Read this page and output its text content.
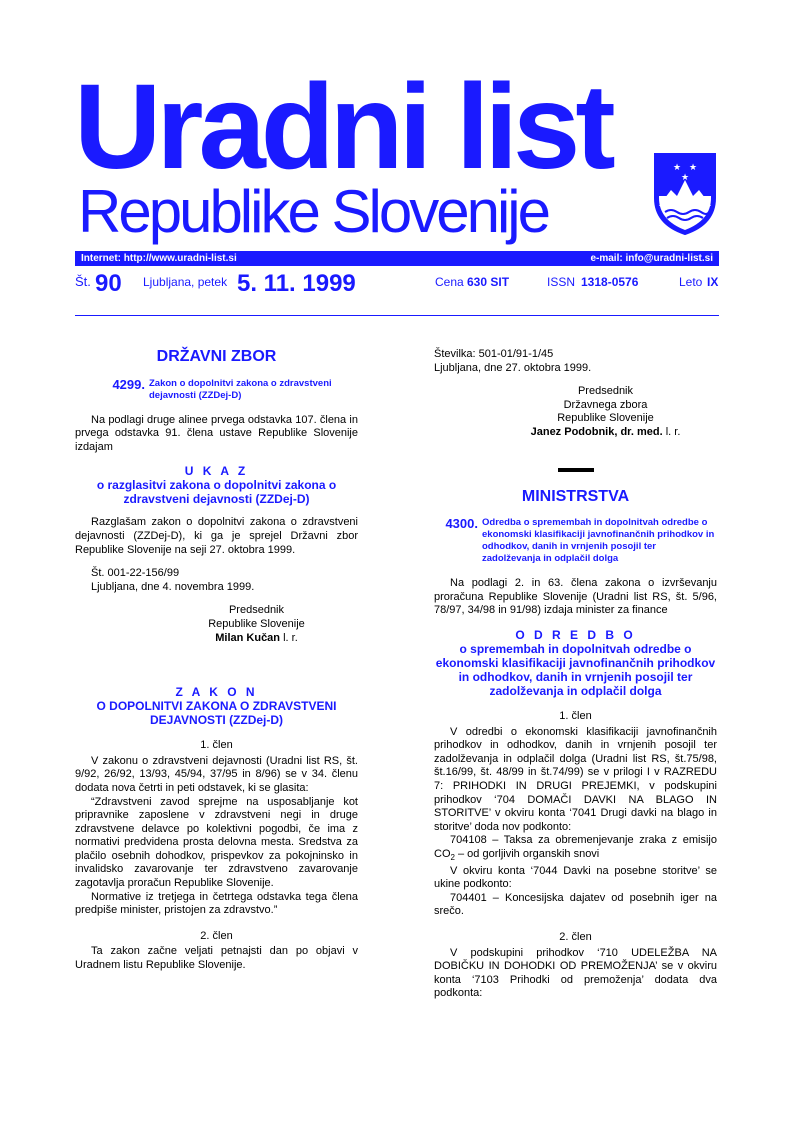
Uradni list
Republike Slovenije
★ ★
★
Internet: http://www.uradni-list.si	e-mail: info@uradni-list.si
Št. 90 Ljubljana, petek 5. 11. 1999	Cena 630 SIT	ISSN 1318-0576	Leto IX
DRŽAVNI ZBOR
4299. Zakon o dopolnitvi zakona o zdravstveni dejavnosti (ZZDej-D)

Na podlagi druge alinee prvega odstavka 107. člena in prvega odstavka 91. člena ustave Republike Slovenije izdajam

U K A Z
o razglasitvi zakona o dopolnitvi zakona o zdravstveni dejavnosti (ZZDej-D)

Razglašam zakon o dopolnitvi zakona o zdravstveni dejavnosti (ZZDej-D), ki ga je sprejel Državni zbor Republike Slovenije na seji 27. oktobra 1999.

Št. 001-22-156/99

Ljubljana, dne 4. novembra 1999.

Predsednik
Republike Slovenije
Milan Kučan l. r.
Z A K O N
O DOPOLNITVI ZAKONA O ZDRAVSTVENI DEJAVNOSTI (ZZDej-D)
1. člen

V zakonu o zdravstveni dejavnosti (Uradni list RS, št. 9/92, 26/92, 13/93, 45/94, 37/95 in 8/96) se v 34. členu dodata nova četrti in peti odstavek, ki se glasita:

“Zdravstveni zavod sprejme na usposabljanje kot pripravnike zaposlene v zdravstveni negi in druge zdravstvene delavce po kolektivni pogodbi, če ima z normativi predvidena prosta delovna mesta. Sredstva za plačilo osebnih dohodkov, prispevkov za pokojninsko in invalidsko zavarovanje ter zdravstveno zavarovanje zagotavlja proračun Republike Slovenije.

Normative iz tretjega in četrtega odstavka tega člena predpiše minister, pristojen za zdravstvo.”

2. člen

Ta zakon začne veljati petnajsti dan po objavi v Uradnem listu Republike Slovenije.

Številka: 501-01/91-1/45

Ljubljana, dne 27. oktobra 1999.

Predsednik
Državnega zbora
Republike Slovenije
Janez Podobnik, dr. med. l. r.
MINISTRSTVA
4300. Odredba o spremembah in dopolnitvah odredbe o ekonomski klasifikaciji javnofinančnih prihodkov in odhodkov, danih in vrnjenih posojil ter zadolževanja in odplačil dolga

Na podlagi 2. in 63. člena zakona o izvrševanju proračuna Republike Slovenije (Uradni list RS, št. 5/96, 78/97, 34/98 in 91/98) izdaja minister za finance

O D R E D B O
o spremembah in dopolnitvah odredbe o ekonomski klasifikaciji javnofinančnih prihodkov in odhodkov, danih in vrnjenih posojil ter zadolževanja in odplačil dolga
1. člen

V odredbi o ekonomski klasifikaciji javnofinančnih prihodkov in odhodkov, danih in vrnjenih posojil ter zadolževanja in odplačil dolga (Uradni list RS, št.75/98, št.16/99, št. 48/99 in št.74/99) se v prilogi I v RAZREDU 7: PRIHODKI IN DRUGI PREJEMKI, v podskupini prihodkov ‘704 DOMAČI DAVKI NA BLAGO IN STORITVE’ v okviru konta ‘7041 Drugi davki na blago in storitve’ doda nov podkonto:

704108 – Taksa za obremenjevanje zraka z emisijo $CO_2$ – od gorljivih organskih snovi

V okviru konta ‘7044 Davki na posebne storitve’ se ukine podkonto:

704401 – Koncesijska dajatev od posebnih iger na srečo.

2. člen

V podskupini prihodkov ‘710 UDELEŽBA NA DOBIČKU IN DOHODKI OD PREMOŽENJA’ se v okviru konta ‘7103 Prihodki od premoženja’ dodata dva podkonta:
